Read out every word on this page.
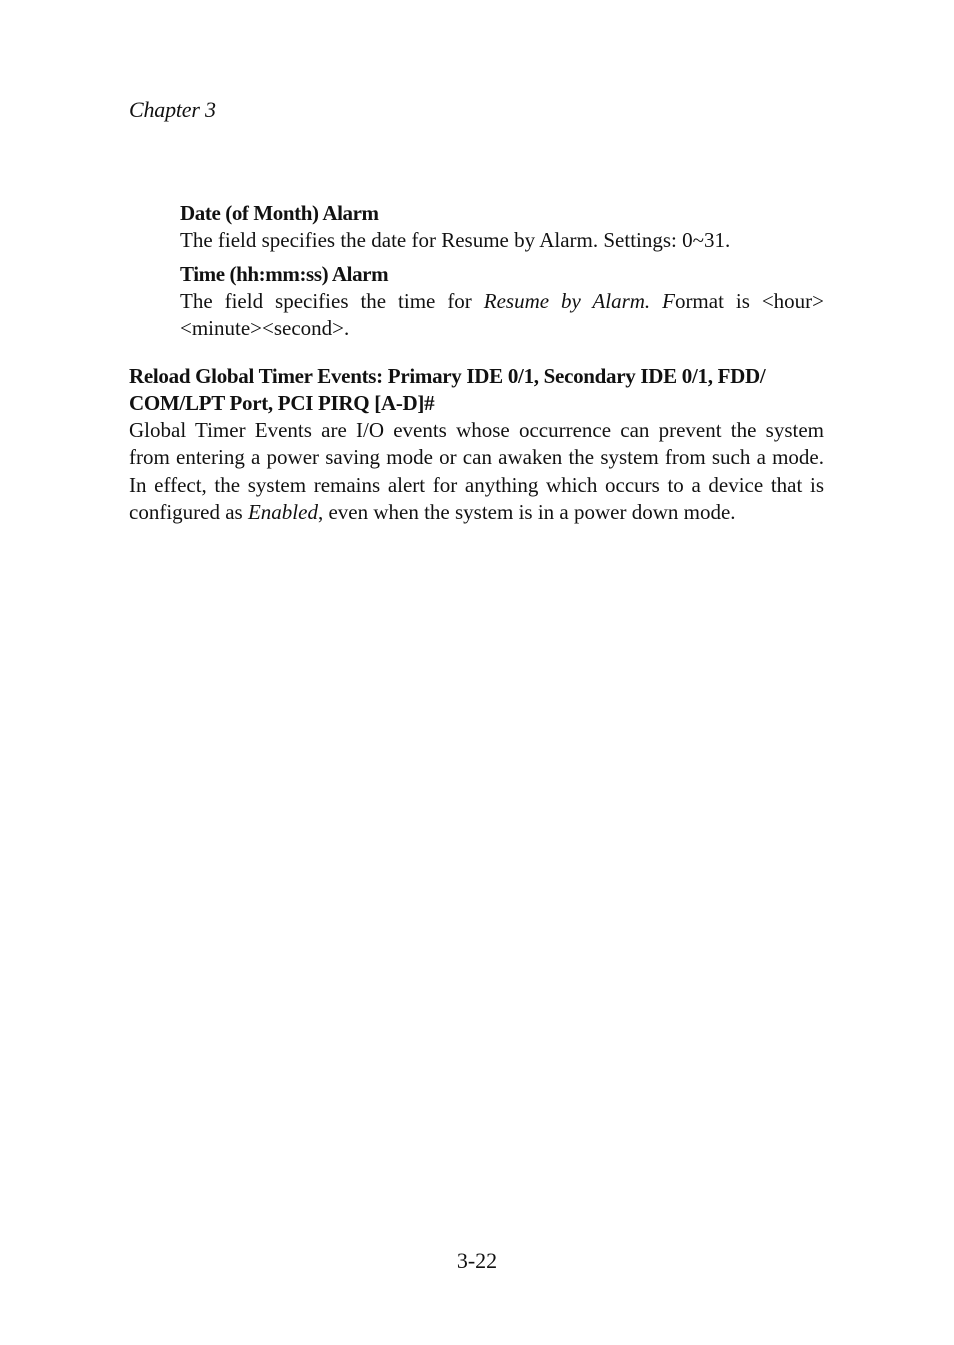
Chapter 3
Date (of Month) Alarm
The field specifies the date for Resume by Alarm. Settings: 0~31.
Time (hh:mm:ss) Alarm
The field specifies the time for Resume by Alarm. Format is <hour><minute><second>.
Reload Global Timer Events: Primary IDE 0/1, Secondary IDE 0/1, FDD/ COM/LPT Port, PCI PIRQ [A-D]#
Global Timer Events are I/O events whose occurrence can prevent the system from entering a power saving mode or can awaken the system from such a mode. In effect, the system remains alert for anything which occurs to a device that is configured as Enabled, even when the system is in a power down mode.
3-22
